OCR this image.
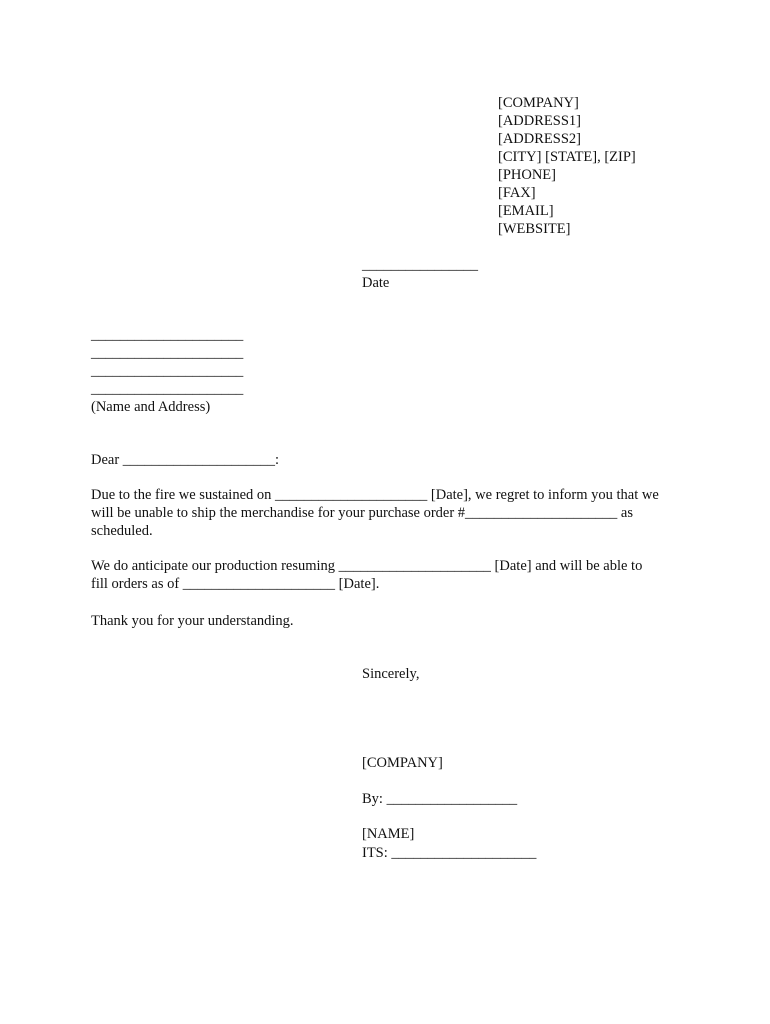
[COMPANY]
[ADDRESS1]
[ADDRESS2]
[CITY] [STATE], [ZIP]
[PHONE]
[FAX]
[EMAIL]
[WEBSITE]
________________
Date
_____________________
_____________________
_____________________
_____________________
(Name and Address)
Dear _____________________:
Due to the fire we sustained on _____________________ [Date], we regret to inform you that we
will be unable to ship the merchandise for your purchase order #_____________________ as
scheduled.
We do anticipate our production resuming _____________________ [Date] and will be able to
fill orders as of _____________________ [Date].
Thank you for your understanding.
Sincerely,
[COMPANY]
By: __________________
[NAME]
ITS: ____________________
